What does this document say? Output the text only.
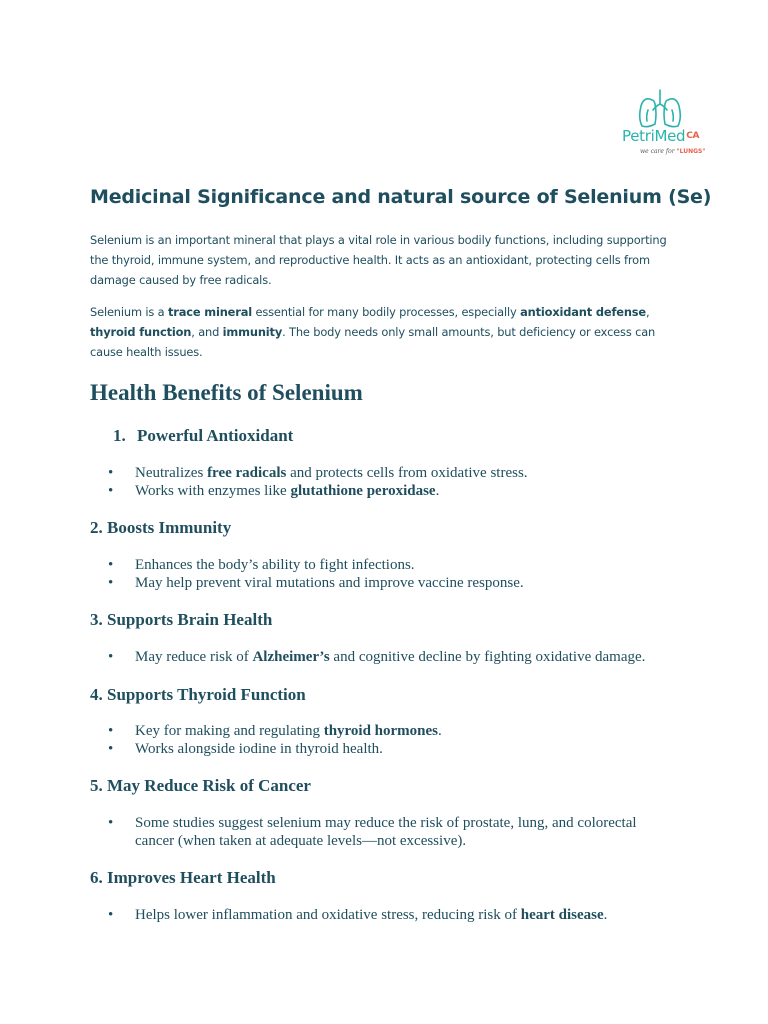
PetriMed$^{CA}$
we care for "LUNGS"
Medicinal Significance and natural source of Selenium (Se)

Selenium is an important mineral that plays a vital role in various bodily functions, including supporting the thyroid, immune system, and reproductive health. It acts as an antioxidant, protecting cells from damage caused by free radicals.

Selenium is a trace mineral essential for many bodily processes, especially antioxidant defense, thyroid function, and immunity. The body needs only small amounts, but deficiency or excess can cause health issues.

Health Benefits of Selenium
1. Powerful Antioxidant
• Neutralizes free radicals and protects cells from oxidative stress.
• Works with enzymes like glutathione peroxidase.
2. Boosts Immunity
• Enhances the body’s ability to fight infections.
• May help prevent viral mutations and improve vaccine response.
3. Supports Brain Health
• May reduce risk of Alzheimer’s and cognitive decline by fighting oxidative damage.
4. Supports Thyroid Function
• Key for making and regulating thyroid hormones.
• Works alongside iodine in thyroid health.
5. May Reduce Risk of Cancer
• Some studies suggest selenium may reduce the risk of prostate, lung, and colorectal cancer (when taken at adequate levels—not excessive).
6. Improves Heart Health
• Helps lower inflammation and oxidative stress, reducing risk of heart disease.
